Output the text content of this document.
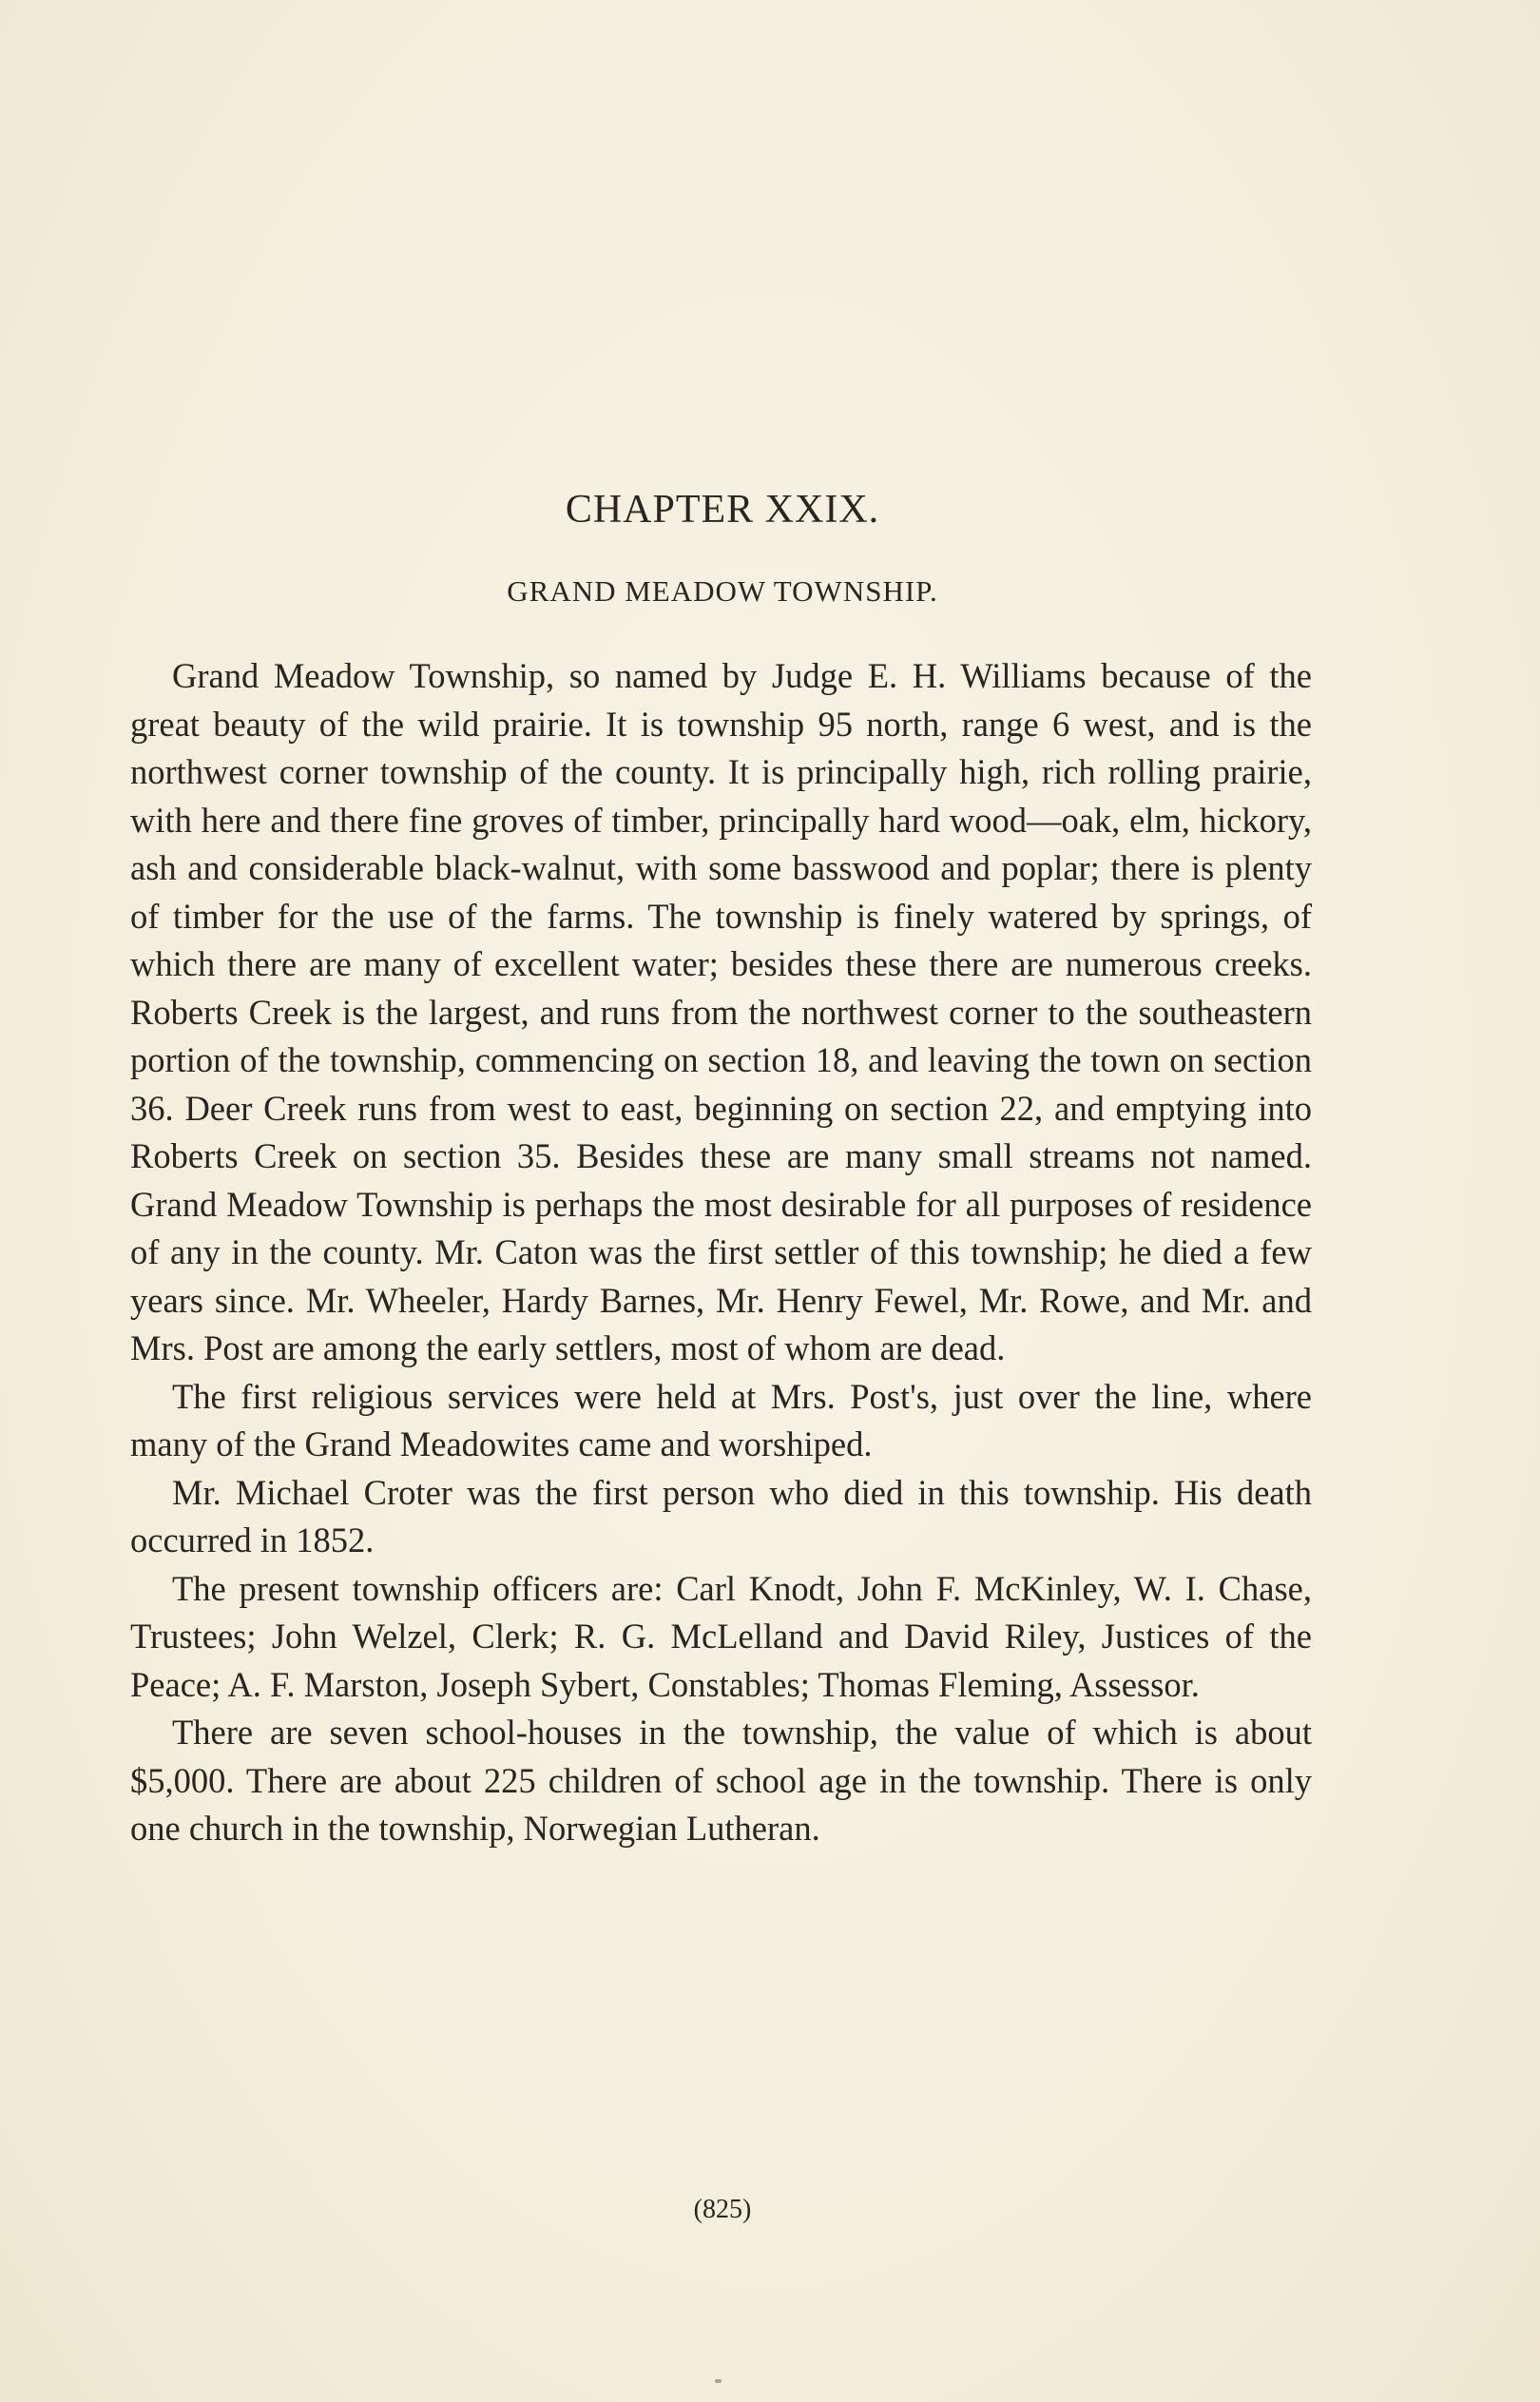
CHAPTER XXIX.
GRAND MEADOW TOWNSHIP.

Grand Meadow Township, so named by Judge E. H. Williams because of the great beauty of the wild prairie. It is township 95 north, range 6 west, and is the northwest corner township of the county. It is principally high, rich rolling prairie, with here and there fine groves of timber, principally hard wood—oak, elm, hickory, ash and considerable black-walnut, with some basswood and poplar; there is plenty of timber for the use of the farms. The township is finely watered by springs, of which there are many of excellent water; besides these there are numerous creeks. Roberts Creek is the largest, and runs from the northwest corner to the southeastern portion of the township, commencing on section 18, and leaving the town on section 36. Deer Creek runs from west to east, beginning on section 22, and emptying into Roberts Creek on section 35. Besides these are many small streams not named. Grand Meadow Township is perhaps the most desirable for all purposes of residence of any in the county. Mr. Caton was the first settler of this township; he died a few years since. Mr. Wheeler, Hardy Barnes, Mr. Henry Fewel, Mr. Rowe, and Mr. and Mrs. Post are among the early settlers, most of whom are dead.

The first religious services were held at Mrs. Post's, just over the line, where many of the Grand Meadowites came and worshiped.

Mr. Michael Croter was the first person who died in this township. His death occurred in 1852.

The present township officers are: Carl Knodt, John F. McKinley, W. I. Chase, Trustees; John Welzel, Clerk; R. G. McLelland and David Riley, Justices of the Peace; A. F. Marston, Joseph Sybert, Constables; Thomas Fleming, Assessor.

There are seven school-houses in the township, the value of which is about $5,000. There are about 225 children of school age in the township. There is only one church in the township, Norwegian Lutheran.

(825)
